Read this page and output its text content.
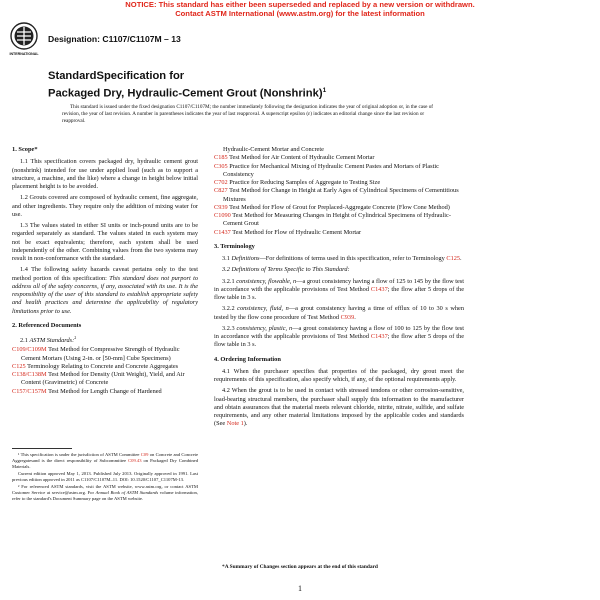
NOTICE: This standard has either been superseded and replaced by a new version or withdrawn.
Contact ASTM International (www.astm.org) for the latest information
INTERNATIONAL
Designation: C1107/C1107M – 13
StandardSpecification for
Packaged Dry, Hydraulic-Cement Grout (Nonshrink)$^1$

This standard is issued under the fixed designation C1107/C1107M; the number immediately following the designation indicates the year of original adoption or, in the case of revision, the year of last revision. A number in parentheses indicates the year of last reapproval. A superscript epsilon (ε) indicates an editorial change since the last revision or reapproval.

1. Scope*

1.1 This specification covers packaged dry, hydraulic cement grout (nonshrink) intended for use under applied load (such as to support a structure, a machine, and the like) where a change in height below initial placement height is to be avoided.

1.2 Grouts covered are composed of hydraulic cement, fine aggregate, and other ingredients. They require only the addition of mixing water for use.

1.3 The values stated in either SI units or inch-pound units are to be regarded separately as standard. The values stated in each system may not be exact equivalents; therefore, each system shall be used independently of the other. Combining values from the two systems may result in non-conformance with the standard.

1.4 The following safety hazards caveat pertains only to the test method portion of this specification: This standard does not purport to address all of the safety concerns, if any, associated with its use. It is the responsibility of the user of this standard to establish appropriate safety and health practices and determine the applicability of regulatory limitations prior to use.

2. Referenced Documents

2.1 ASTM Standards:$^2$

C109/C109M Test Method for Compressive Strength of Hydraulic Cement Mortars (Using 2-in. or [50-mm] Cube Specimens)

C125 Terminology Relating to Concrete and Concrete Aggregates

C138/C138M Test Method for Density (Unit Weight), Yield, and Air Content (Gravimetric) of Concrete

C157/C157M Test Method for Length Change of Hardened

¹ This specification is under the jurisdiction of ASTM Committee C09 on Concrete and Concrete Aggregatesand is the direct responsibility of Subcommittee C09.43 on Packaged Dry Combined Materials.

Current edition approved May 1, 2013. Published July 2013. Originally approved in 1991. Last previous edition approved in 2011 as C1107/C1107M–11. DOI: 10.1520/C1107_C1107M-13.

² For referenced ASTM standards, visit the ASTM website, www.astm.org, or contact ASTM Customer Service at service@astm.org. For Annual Book of ASTM Standards volume information, refer to the standard's Document Summary page on the ASTM website.

Hydraulic-Cement Mortar and Concrete

C185 Test Method for Air Content of Hydraulic Cement Mortar

C305 Practice for Mechanical Mixing of Hydraulic Cement Pastes and Mortars of Plastic Consistency

C702 Practice for Reducing Samples of Aggregate to Testing Size

C827 Test Method for Change in Height at Early Ages of Cylindrical Specimens of Cementitious Mixtures

C939 Test Method for Flow of Grout for Preplaced-Aggregate Concrete (Flow Cone Method)

C1090 Test Method for Measuring Changes in Height of Cylindrical Specimens of Hydraulic-Cement Grout

C1437 Test Method for Flow of Hydraulic Cement Mortar

3. Terminology

3.1 Definitions—For definitions of terms used in this specification, refer to Terminology C125.

3.2 Definitions of Terms Specific to This Standard:

3.2.1 consistency, flowable, n—a grout consistency having a flow of 125 to 145 by the flow test in accordance with the applicable provisions of Test Method C1437; the flow after 5 drops of the flow table in 3 s.

3.2.2 consistency, fluid, n—a grout consistency having a time of efflux of 10 to 30 s when tested by the flow cone procedure of Test Method C939.

3.2.3 consistency, plastic, n—a grout consistency having a flow of 100 to 125 by the flow test in accordance with the applicable provisions of Test Method C1437; the flow after 5 drops of the flow table in 3 s.

4. Ordering Information

4.1 When the purchaser specifies that properties of the packaged, dry grout meet the requirements of this specification, also specify which, if any, of the optional requirements apply.

4.2 When the grout is to be used in contact with stressed tendons or other corrosion-sensitive, load-bearing structural members, the purchaser shall supply this information to the manufacturer and obtain assurances that the material meets relevant chloride, nitrite, nitrate, sulfide, and sulfate requirements, and any other material limitations imposed by the applicable codes and standards (See Note 1).

*A Summary of Changes section appears at the end of this standard
1
